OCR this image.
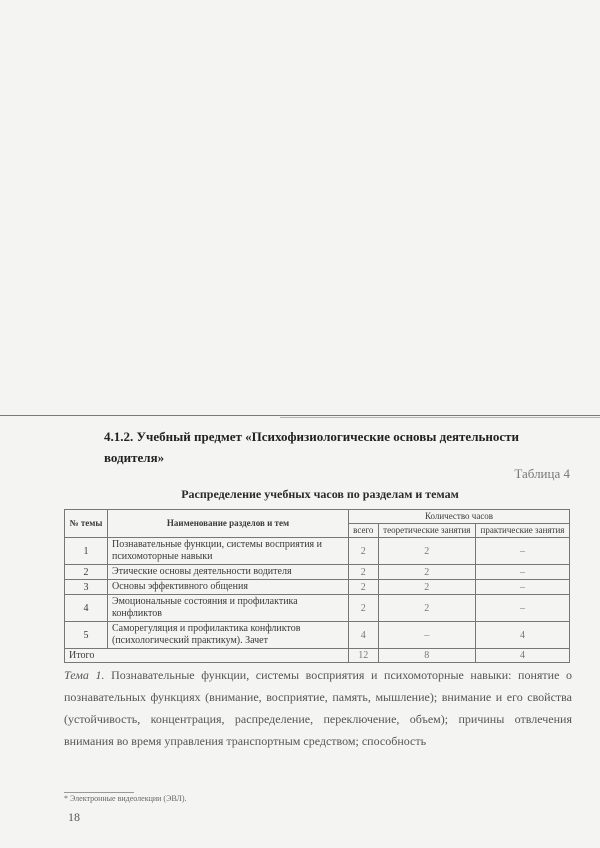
4.1.2. Учебный предмет «Психофизиологические основы деятельности водителя»
Таблица 4
Распределение учебных часов по разделам и темам
№ темы	Наименование разделов и тем	Количество часов		
		всего	теоретические занятия	практические занятия
1	Познавательные функции, системы восприятия и психомоторные навыки	2	2	–
2	Этические основы деятельности водителя	2	2	–
3	Основы эффективного общения	2	2	–
4	Эмоциональные состояния и профилактика конфликтов	2	2	–
5	Саморегуляция и профилактика конфликтов (психологический практикум). Зачет	4	–	4
Итого		12	8	4
Тема 1. Познавательные функции, системы восприятия и психомоторные навыки: понятие о познавательных функциях (внимание, восприятие, память, мышление); внимание и его свойства (устойчивость, концентрация, распределение, переключение, объем); причины отвлечения внимания во время управления транспортным средством; способность
* Электронные видеолекции (ЭВЛ).
18
